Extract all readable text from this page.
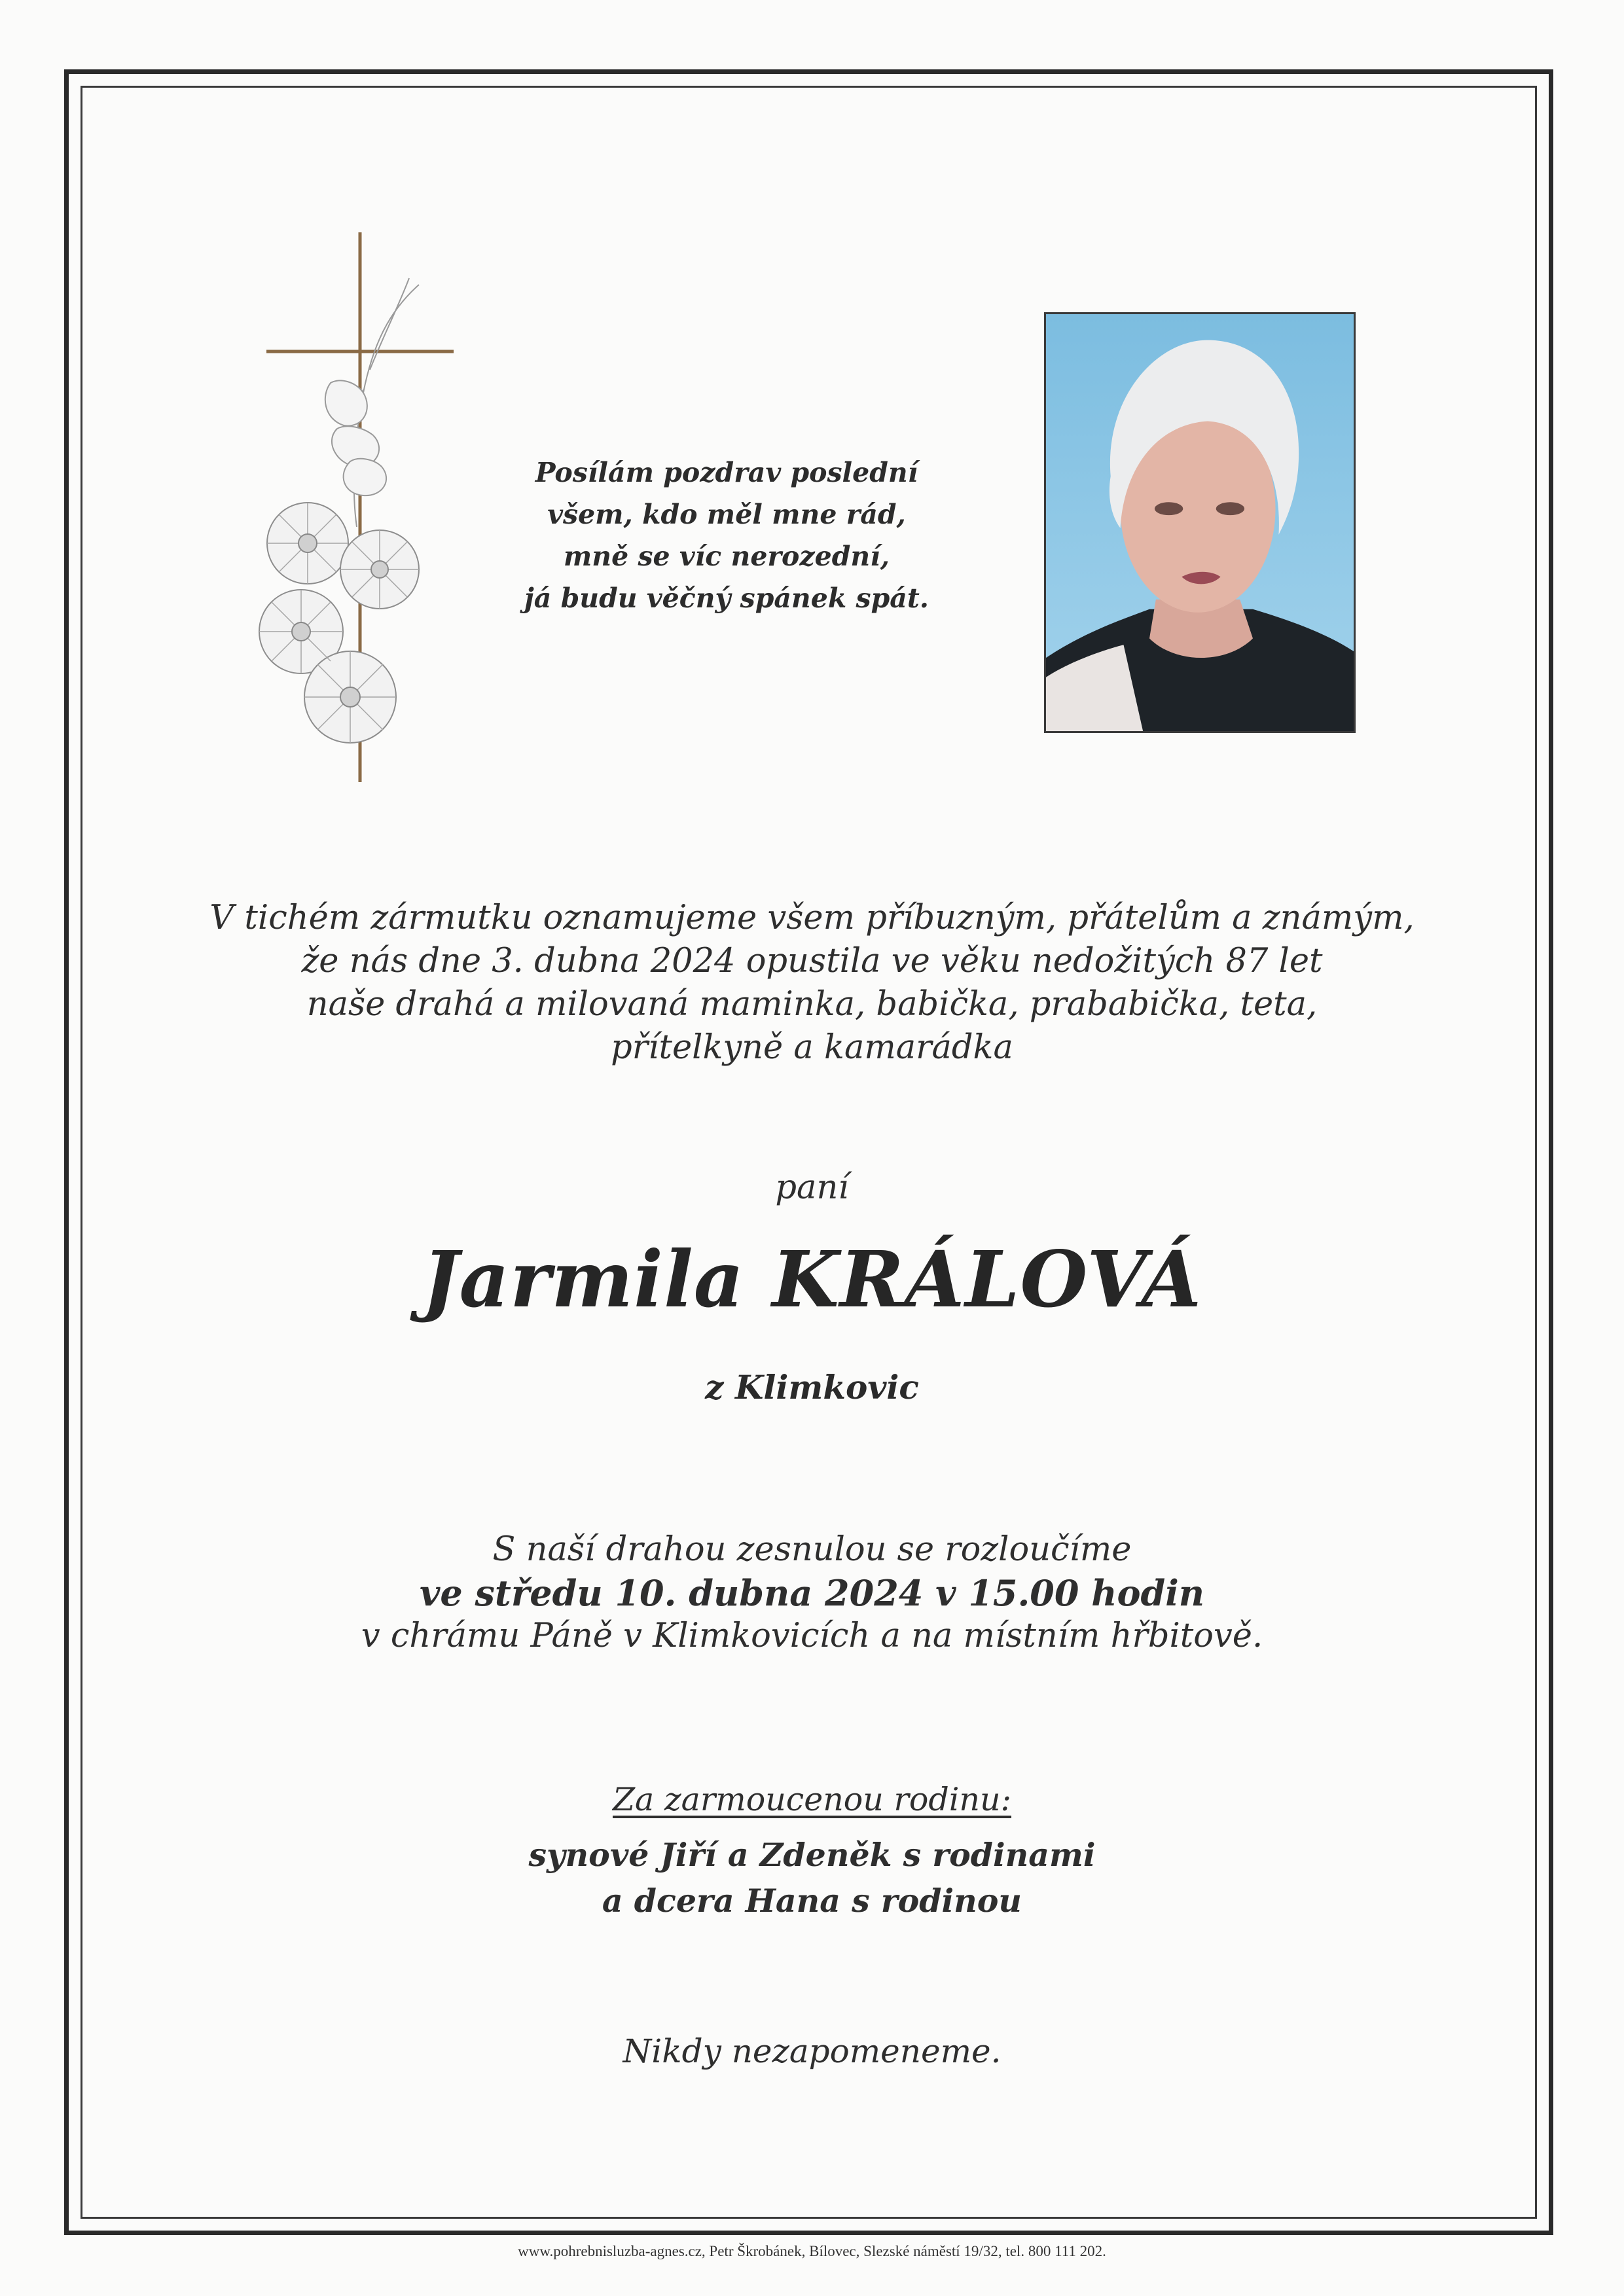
Posílám pozdrav poslední
všem, kdo měl mne rád,
mně se víc nerozední,
já budu věčný spánek spát.
V tichém zármutku oznamujeme všem příbuzným, přátelům a známým,
že nás dne 3. dubna 2024 opustila ve věku nedožitých 87 let
naše drahá a milovaná maminka, babička, prababička, teta,
přítelkyně a kamarádka
paní
Jarmila KRÁLOVÁ
z Klimkovic
S naší drahou zesnulou se rozloučíme
ve středu 10. dubna 2024 v 15.00 hodin
v chrámu Páně v Klimkovicích a na místním hřbitově.
Za zarmoucenou rodinu:
synové Jiří a Zdeněk s rodinami
a dcera Hana s rodinou
Nikdy nezapomeneme.
www.pohrebnisluzba-agnes.cz, Petr Škrobánek, Bílovec, Slezské náměstí 19/32, tel. 800 111 202.
